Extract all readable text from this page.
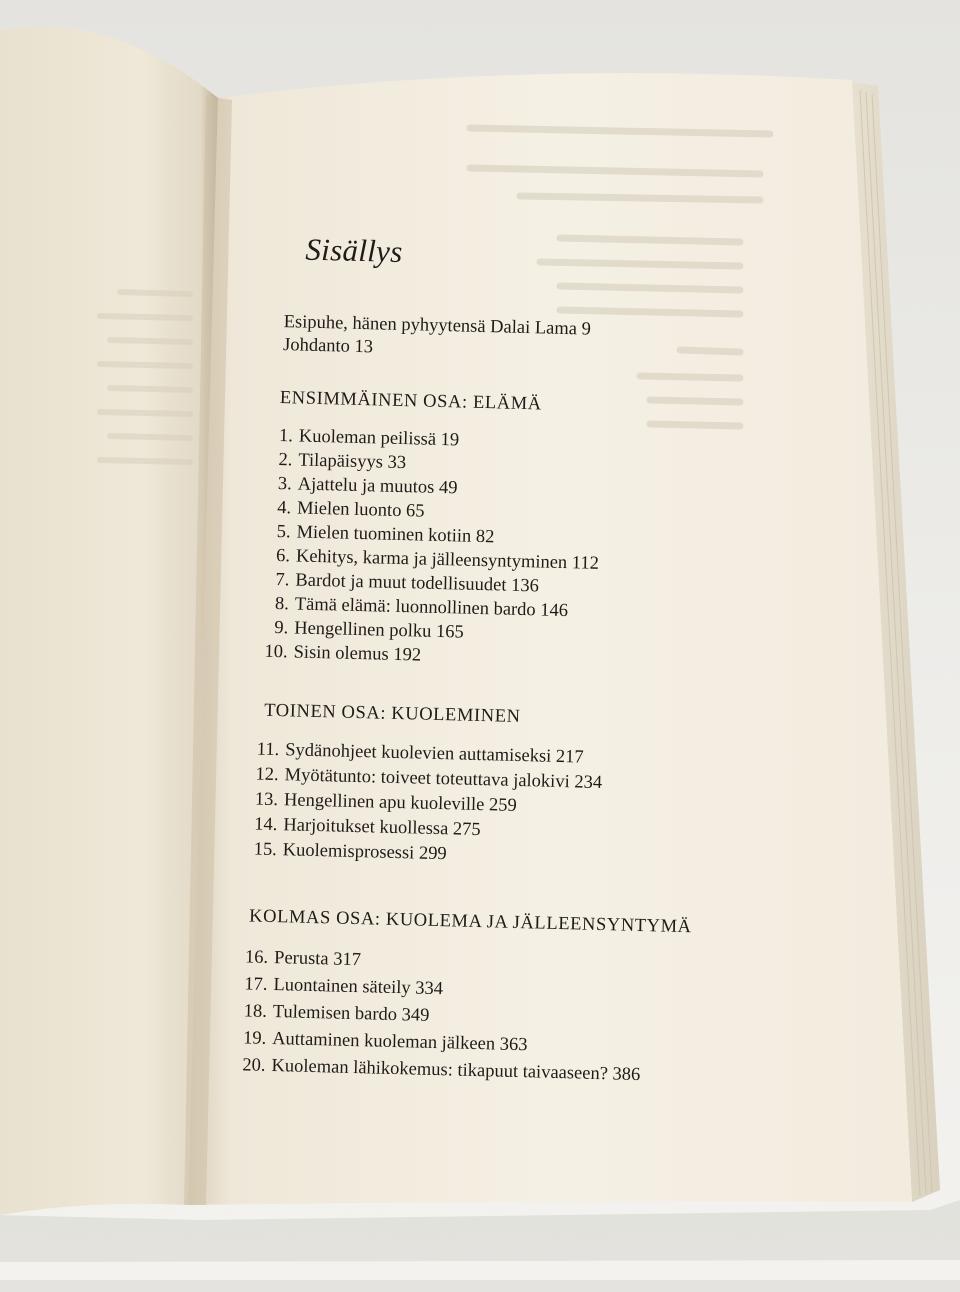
Sisällys
Esipuhe, hänen pyhyytensä Dalai Lama 9
Johdanto 13
ENSIMMÄINEN OSA: ELÄMÄ
1. Kuoleman peilissä 19
2. Tilapäisyys 33
3. Ajattelu ja muutos 49
4. Mielen luonto 65
5. Mielen tuominen kotiin 82
6. Kehitys, karma ja jälleensyntyminen 112
7. Bardot ja muut todellisuudet 136
8. Tämä elämä: luonnollinen bardo 146
9. Hengellinen polku 165
10. Sisin olemus 192
TOINEN OSA: KUOLEMINEN
11. Sydänohjeet kuolevien auttamiseksi 217
12. Myötätunto: toiveet toteuttava jalokivi 234
13. Hengellinen apu kuoleville 259
14. Harjoitukset kuollessa 275
15. Kuolemisprosessi 299
KOLMAS OSA: KUOLEMA JA JÄLLEENSYNTYMÄ
16. Perusta 317
17. Luontainen säteily 334
18. Tulemisen bardo 349
19. Auttaminen kuoleman jälkeen 363
20. Kuoleman lähikokemus: tikapuut taivaaseen? 386
